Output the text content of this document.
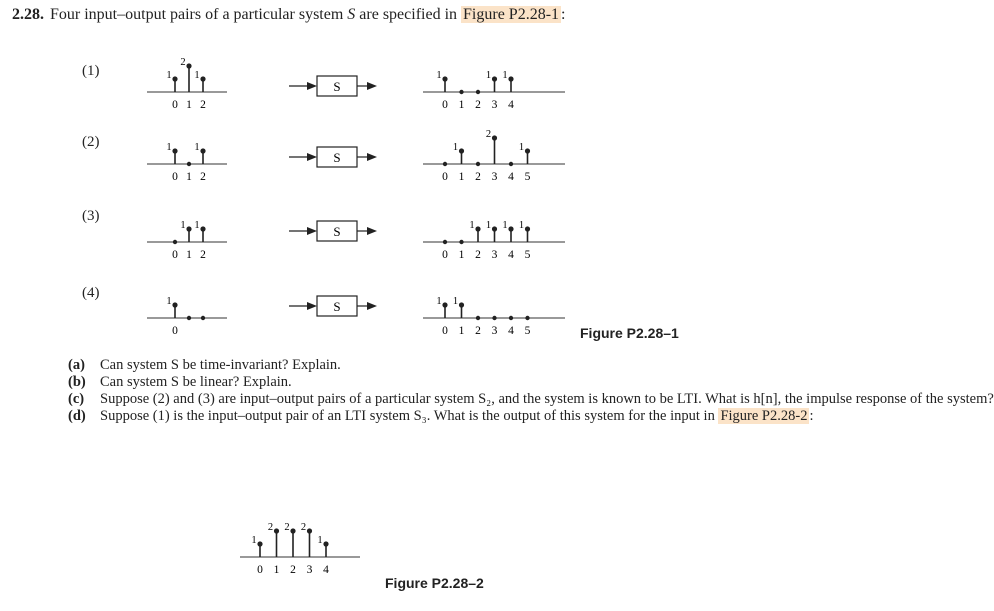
2.28. Four input–output pairs of a particular system S are specified in Figure P2.28-1 :
(1)
(2)
(3)
(4)
1
2
1
0 1 2
S
1	1 1
0 1 2 3 4
1 1
0 1 2
S
1
2
1
0 1 2 3 4 5
1 1
0 1 2
S	1 1 1 1
0 1 2 3 4 5
1
0
S	1 1
0 1 2 3 4 5	Figure P2.28–1
(a) Can system S be time-invariant? Explain.
(b) Can system S be linear? Explain.
(c) Suppose (2) and (3) are input–output pairs of a particular system S₂, and the system is known to be LTI. What is h[n], the impulse response of the system?
(d) Suppose (1) is the input–output pair of an LTI system S₃. What is the output of this system for the input in Figure P2.28-2 :
1
2 2 2
1
0 1 2 3 4
Figure P2.28–2
